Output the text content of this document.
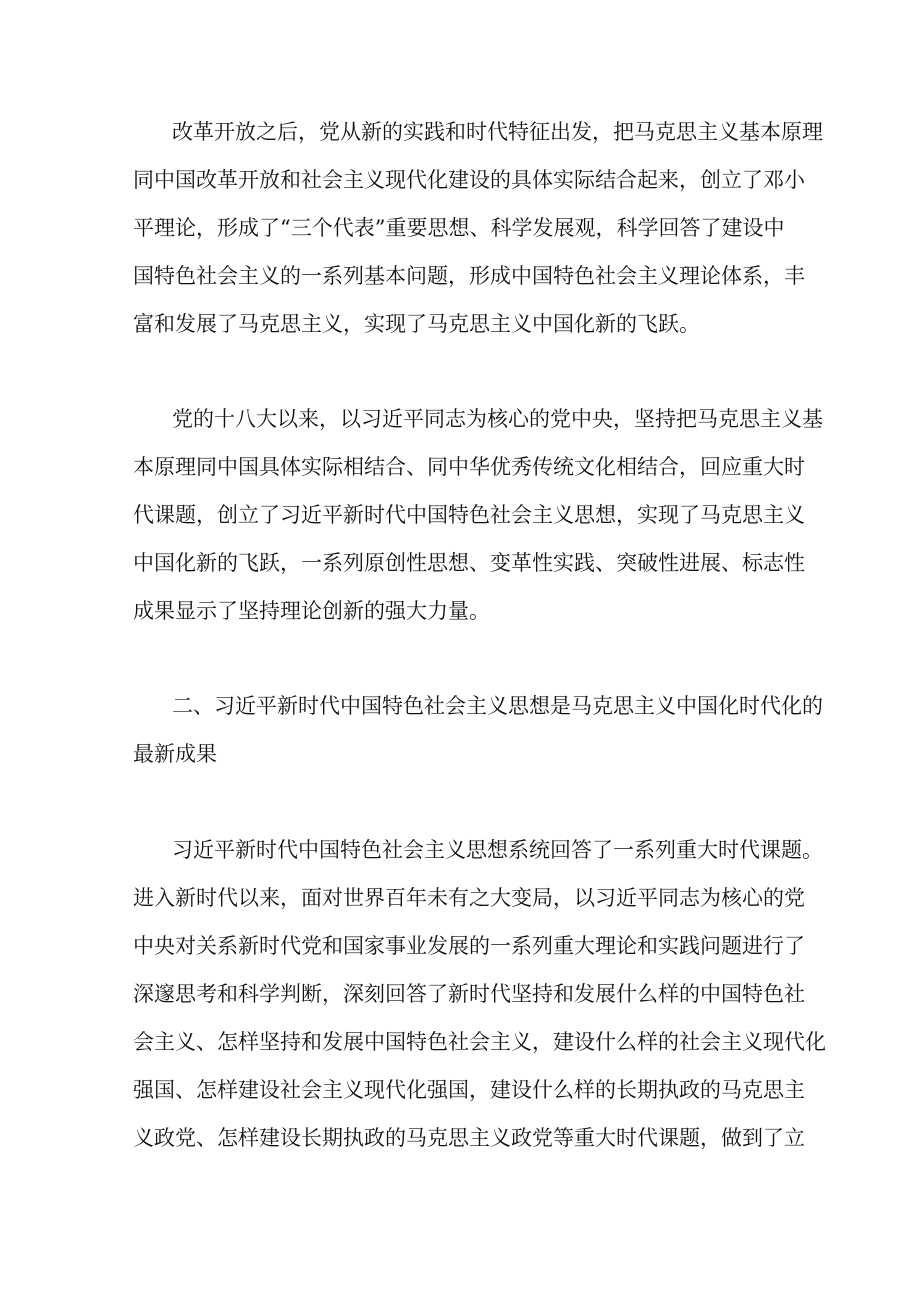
改革开放之后，党从新的实践和时代特征出发，把马克思主义基本原理
同中国改革开放和社会主义现代化建设的具体实际结合起来，创立了邓小
平理论，形成了“三个代表”重要思想、科学发展观，科学回答了建设中
国特色社会主义的一系列基本问题，形成中国特色社会主义理论体系，丰
富和发展了马克思主义，实现了马克思主义中国化新的飞跃。
党的十八大以来，以习近平同志为核心的党中央，坚持把马克思主义基
本原理同中国具体实际相结合、同中华优秀传统文化相结合，回应重大时
代课题，创立了习近平新时代中国特色社会主义思想，实现了马克思主义
中国化新的飞跃，一系列原创性思想、变革性实践、突破性进展、标志性
成果显示了坚持理论创新的强大力量。
二、习近平新时代中国特色社会主义思想是马克思主义中国化时代化的
最新成果
习近平新时代中国特色社会主义思想系统回答了一系列重大时代课题。
进入新时代以来，面对世界百年未有之大变局，以习近平同志为核心的党
中央对关系新时代党和国家事业发展的一系列重大理论和实践问题进行了
深邃思考和科学判断，深刻回答了新时代坚持和发展什么样的中国特色社
会主义、怎样坚持和发展中国特色社会主义，建设什么样的社会主义现代化
强国、怎样建设社会主义现代化强国，建设什么样的长期执政的马克思主
义政党、怎样建设长期执政的马克思主义政党等重大时代课题，做到了立
